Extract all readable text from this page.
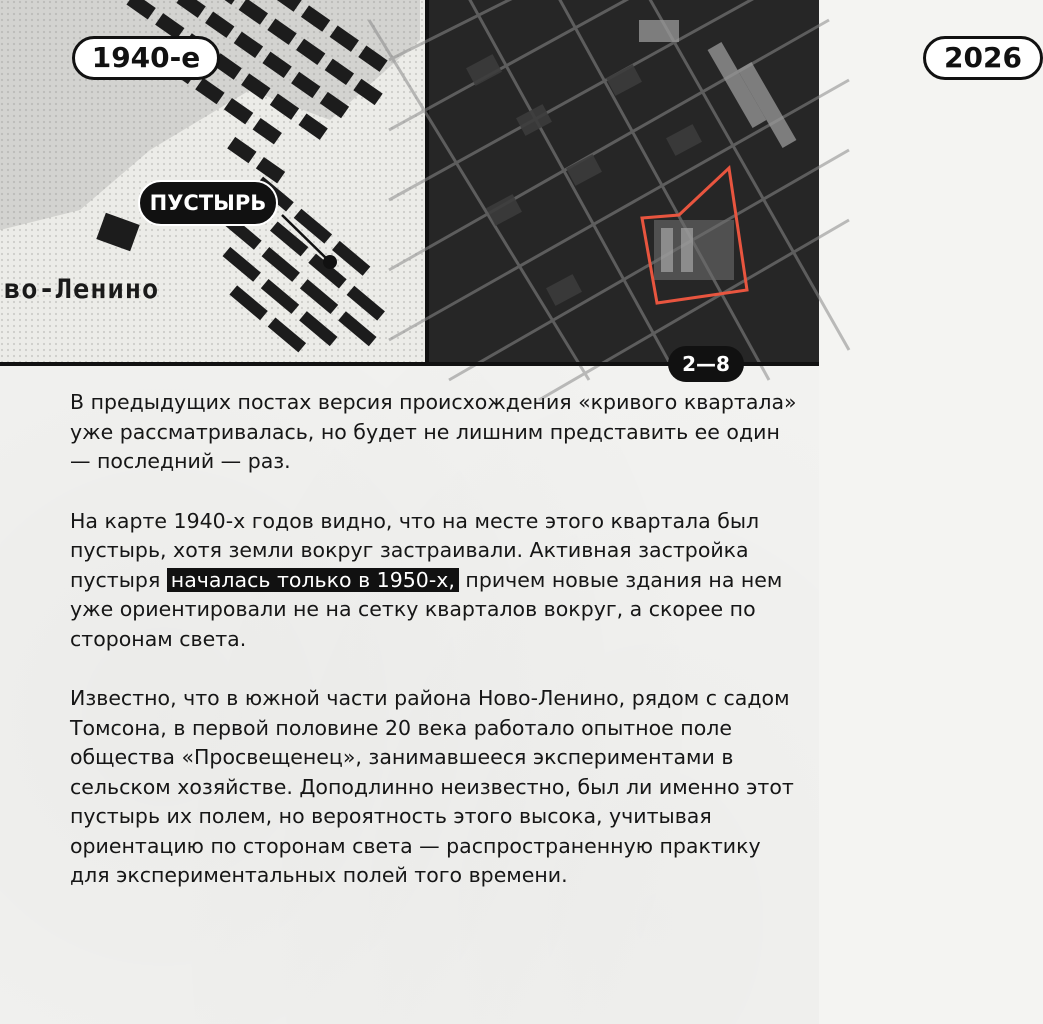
1940-е
ПУСТЫРЬ
во-Ленино
2026
2—8

В предыдущих постах версия происхождения «кривого квартала» уже рассматривалась, но будет не лишним представить ее один — последний — раз.

На карте 1940-х годов видно, что на месте этого квартала был пустырь, хотя земли вокруг застраивали. Активная застройка пустыря началась только в 1950-х, причем новые здания на нем уже ориентировали не на сетку кварталов вокруг, а скорее по сторонам света.

Известно, что в южной части района Ново-Ленино, рядом с садом Томсона, в первой половине 20 века работало опытное поле общества «Просвещенец», занимавшееся экспериментами в сельском хозяйстве. Доподлинно неизвестно, был ли именно этот пустырь их полем, но вероятность этого высока, учитывая ориентацию по сторонам света — распространенную практику для экспериментальных полей того времени.
